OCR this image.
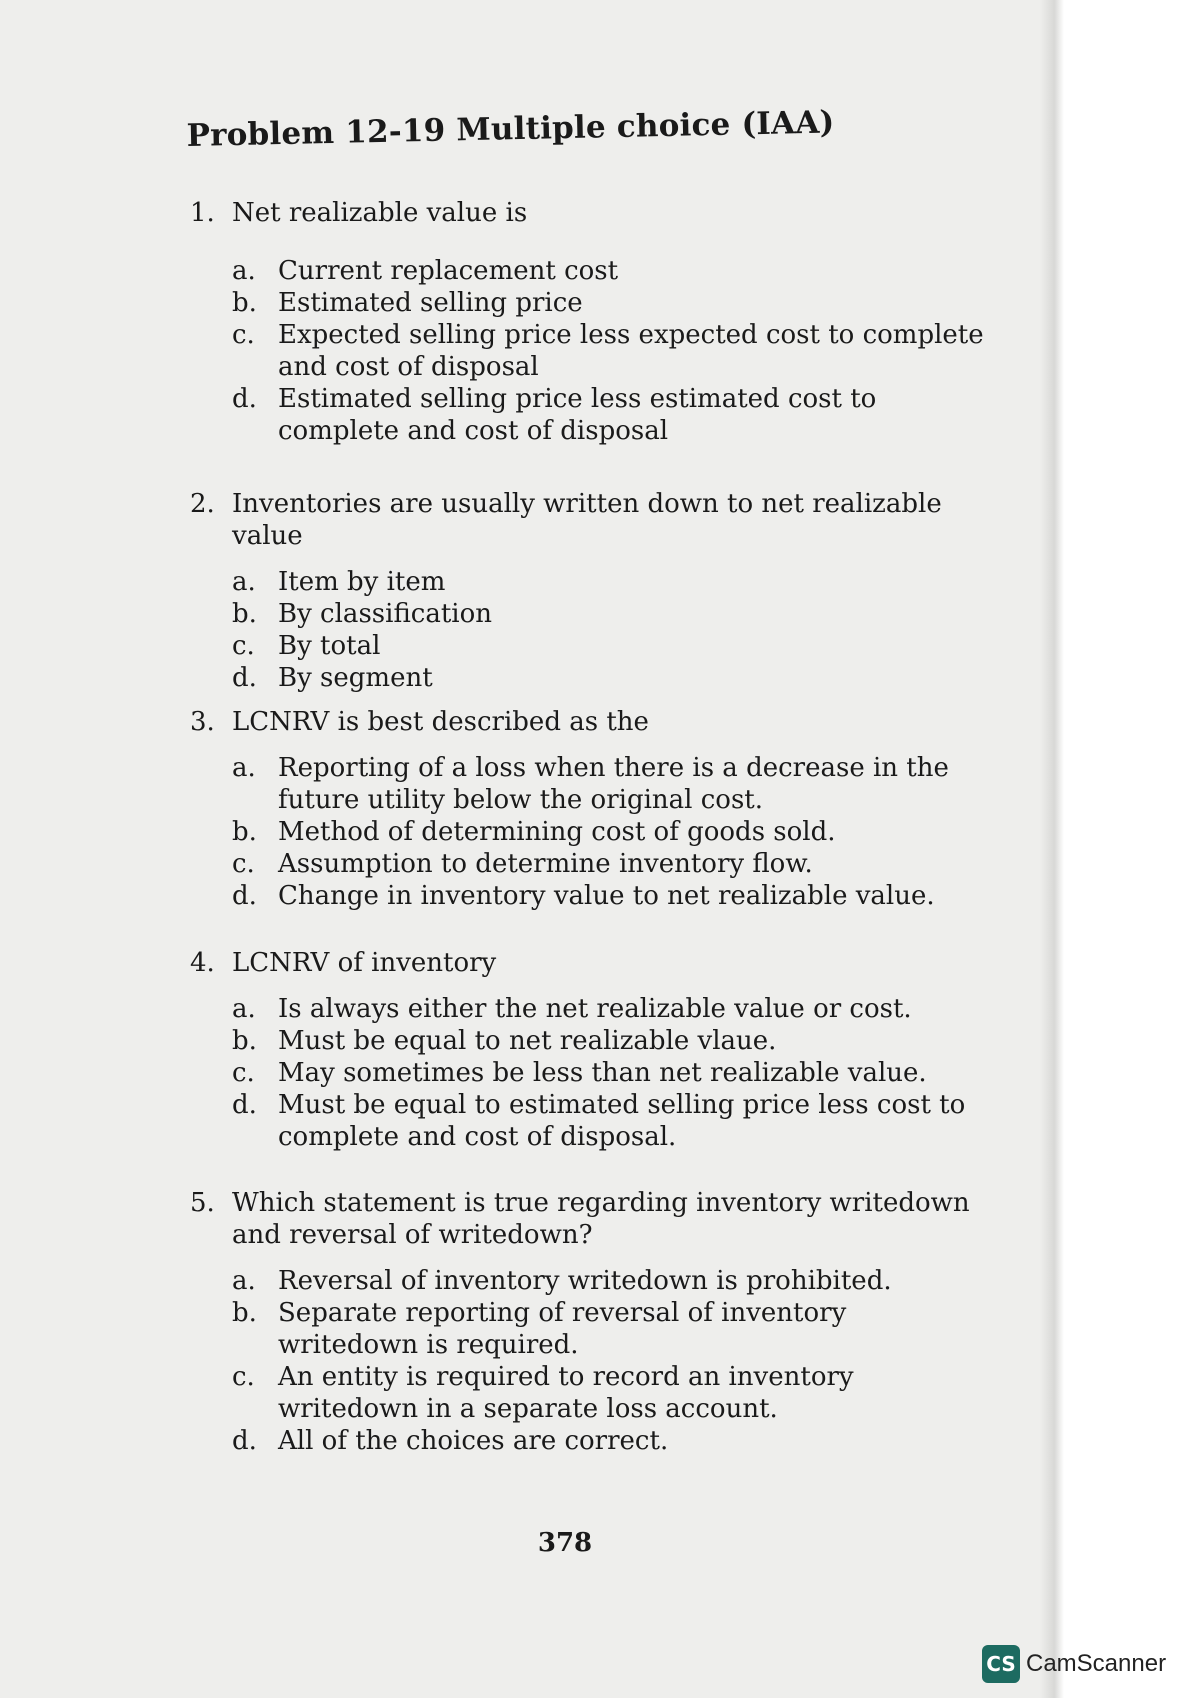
Problem 12-19 Multiple choice (IAA)
1. Net realizable value is
a. Current replacement cost
b. Estimated selling price
c. Expected selling price less expected cost to complete and cost of disposal
d. Estimated selling price less estimated cost to complete and cost of disposal
2. Inventories are usually written down to net realizable value
a. Item by item
b. By classification
c. By total
d. By segment
3. LCNRV is best described as the
a. Reporting of a loss when there is a decrease in the future utility below the original cost.
b. Method of determining cost of goods sold.
c. Assumption to determine inventory flow.
d. Change in inventory value to net realizable value.
4. LCNRV of inventory
a. Is always either the net realizable value or cost.
b. Must be equal to net realizable vlaue.
c. May sometimes be less than net realizable value.
d. Must be equal to estimated selling price less cost to complete and cost of disposal.
5. Which statement is true regarding inventory writedown and reversal of writedown?
a. Reversal of inventory writedown is prohibited.
b. Separate reporting of reversal of inventory writedown is required.
c. An entity is required to record an inventory writedown in a separate loss account.
d. All of the choices are correct.
378
CS CamScanner
